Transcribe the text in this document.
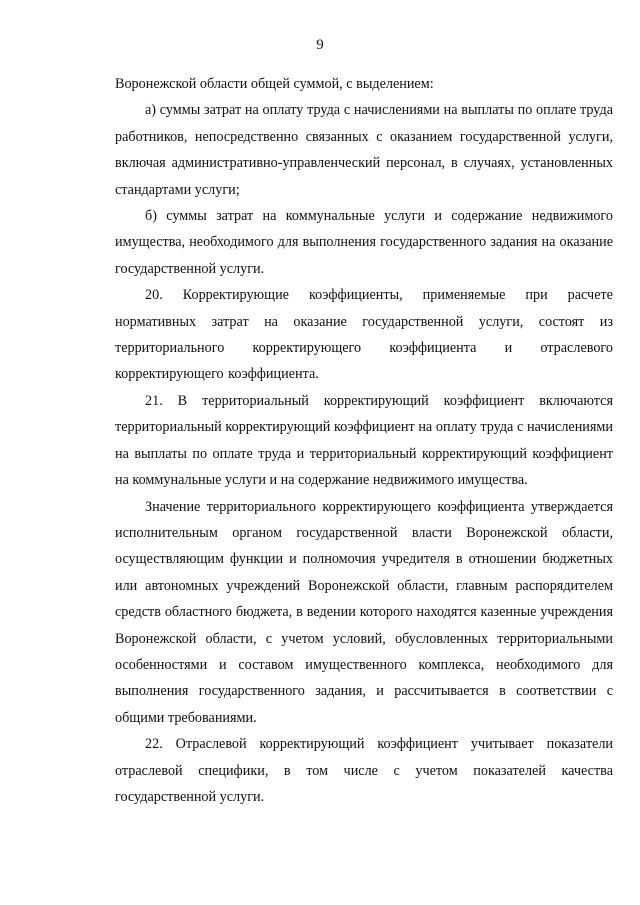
9

Воронежской области общей суммой, с выделением:

а) суммы затрат на оплату труда с начислениями на выплаты по оплате труда работников, непосредственно связанных с оказанием государственной услуги, включая административно-управленческий персонал, в случаях, установленных стандартами услуги;

б) суммы затрат на коммунальные услуги и содержание недвижимого имущества, необходимого для выполнения государственного задания на оказание государственной услуги.

20. Корректирующие коэффициенты, применяемые при расчете нормативных затрат на оказание государственной услуги, состоят из территориального корректирующего коэффициента и отраслевого корректирующего коэффициента.

21. В территориальный корректирующий коэффициент включаются территориальный корректирующий коэффициент на оплату труда с начислениями на выплаты по оплате труда и территориальный корректирующий коэффициент на коммунальные услуги и на содержание недвижимого имущества.

Значение территориального корректирующего коэффициента утверждается исполнительным органом государственной власти Воронежской области, осуществляющим функции и полномочия учредителя в отношении бюджетных или автономных учреждений Воронежской области, главным распорядителем средств областного бюджета, в ведении которого находятся казенные учреждения Воронежской области, с учетом условий, обусловленных территориальными особенностями и составом имущественного комплекса, необходимого для выполнения государственного задания, и рассчитывается в соответствии с общими требованиями.

22. Отраслевой корректирующий коэффициент учитывает показатели отраслевой специфики, в том числе с учетом показателей качества государственной услуги.
